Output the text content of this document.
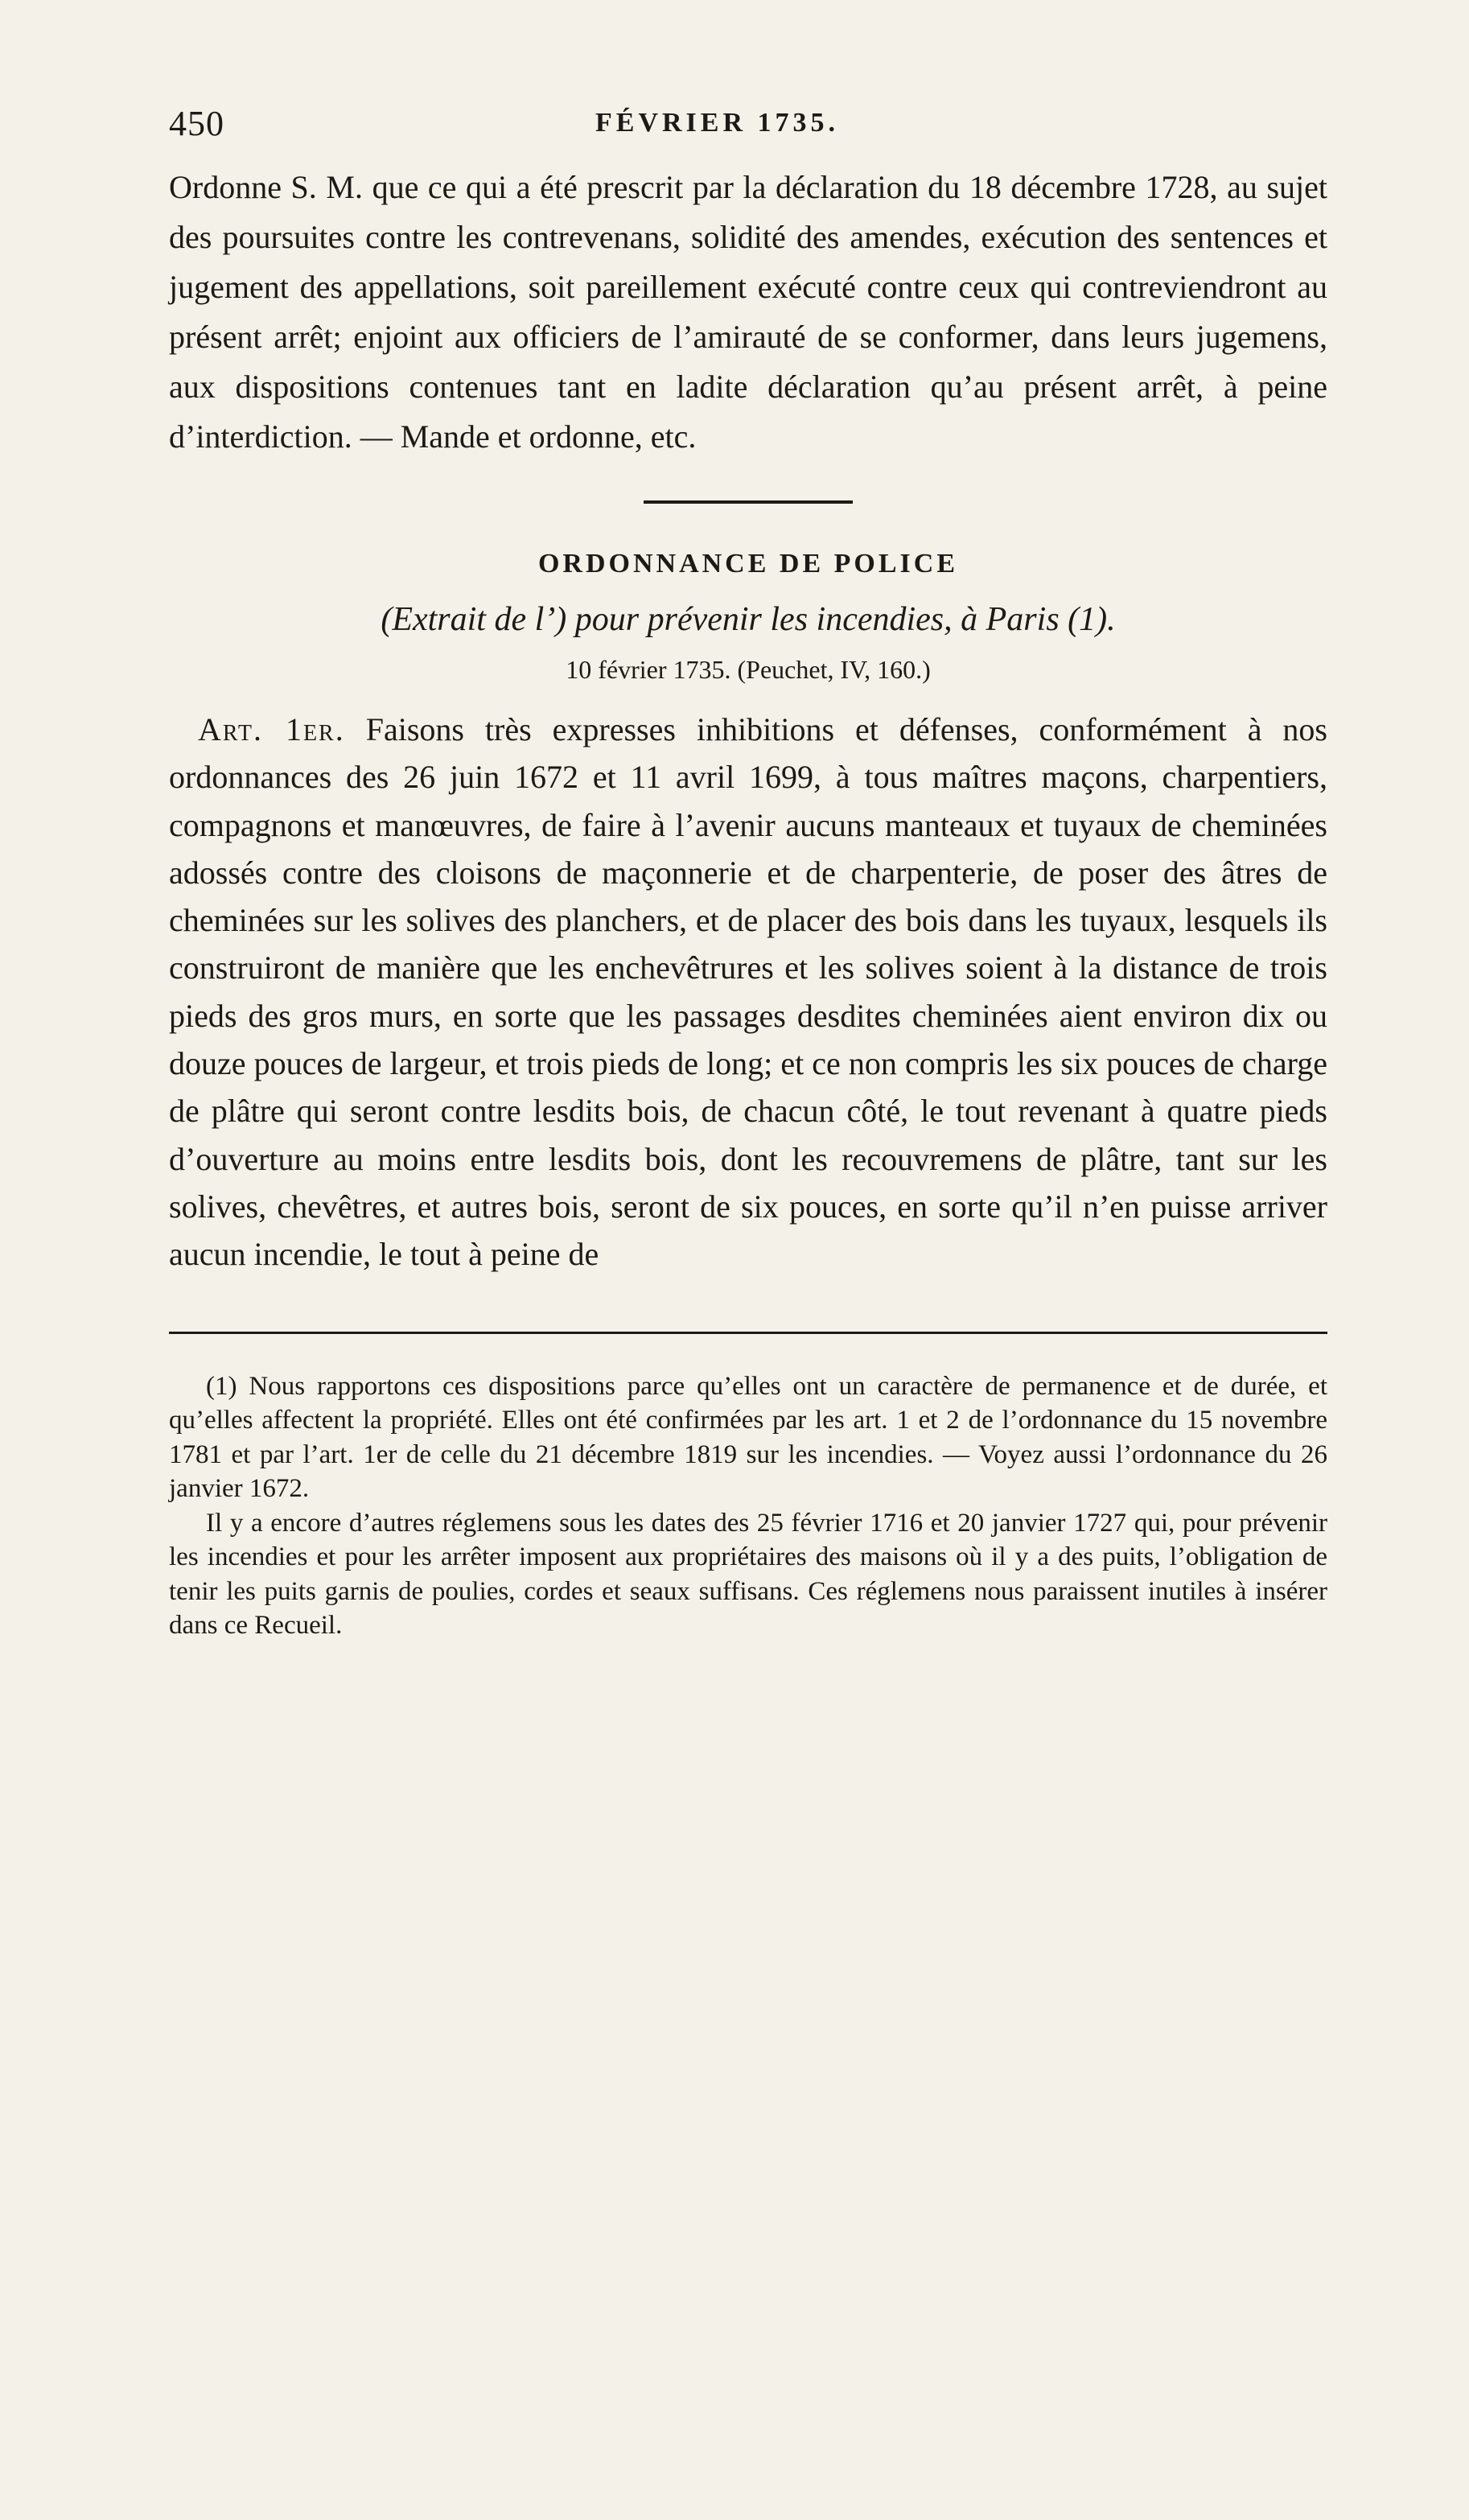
450	FÉVRIER 1735.

Ordonne S. M. que ce qui a été prescrit par la déclaration du 18 décembre 1728, au sujet des poursuites contre les contrevenans, solidité des amendes, exécution des sentences et jugement des appellations, soit pareillement exécuté contre ceux qui contreviendront au présent arrêt; enjoint aux officiers de l’amirauté de se conformer, dans leurs jugemens, aux dispositions contenues tant en ladite déclaration qu’au présent arrêt, à peine d’interdiction. — Mande et ordonne, etc.

ORDONNANCE DE POLICE

(Extrait de l’) pour prévenir les incendies, à Paris (1).

10 février 1735. (Peuchet, IV, 160.)

Art. 1er. Faisons très expresses inhibitions et défenses, conformément à nos ordonnances des 26 juin 1672 et 11 avril 1699, à tous maîtres maçons, charpentiers, compagnons et manœuvres, de faire à l’avenir aucuns manteaux et tuyaux de cheminées adossés contre des cloisons de maçonnerie et de charpenterie, de poser des âtres de cheminées sur les solives des planchers, et de placer des bois dans les tuyaux, lesquels ils construiront de manière que les enchevêtrures et les solives soient à la distance de trois pieds des gros murs, en sorte que les passages desdites cheminées aient environ dix ou douze pouces de largeur, et trois pieds de long; et ce non compris les six pouces de charge de plâtre qui seront contre lesdits bois, de chacun côté, le tout revenant à quatre pieds d’ouverture au moins entre lesdits bois, dont les recouvremens de plâtre, tant sur les solives, chevêtres, et autres bois, seront de six pouces, en sorte qu’il n’en puisse arriver aucun incendie, le tout à peine de

(1) Nous rapportons ces dispositions parce qu’elles ont un caractère de permanence et de durée, et qu’elles affectent la propriété. Elles ont été confirmées par les art. 1 et 2 de l’ordonnance du 15 novembre 1781 et par l’art. 1er de celle du 21 décembre 1819 sur les incendies. — Voyez aussi l’ordonnance du 26 janvier 1672.

Il y a encore d’autres réglemens sous les dates des 25 février 1716 et 20 janvier 1727 qui, pour prévenir les incendies et pour les arrêter imposent aux propriétaires des maisons où il y a des puits, l’obligation de tenir les puits garnis de poulies, cordes et seaux suffisans. Ces réglemens nous paraissent inutiles à insérer dans ce Recueil.
